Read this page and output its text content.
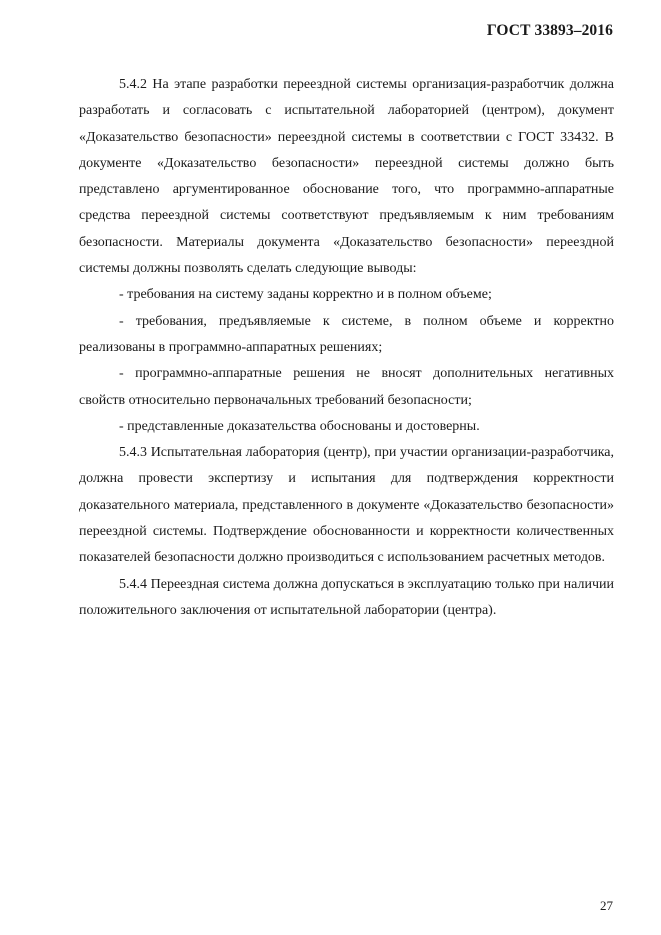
ГОСТ 33893–2016

5.4.2 На этапе разработки переездной системы организация-разработчик должна разработать и согласовать с испытательной лабораторией (центром), документ «Доказательство безопасности» переездной системы в соответствии с ГОСТ 33432. В документе «Доказательство безопасности» переездной системы должно быть представлено аргументированное обоснование того, что программно-аппаратные средства переездной системы соответствуют предъявляемым к ним требованиям безопасности. Материалы документа «Доказательство безопасности» переездной системы должны позволять сделать следующие выводы:

- требования на систему заданы корректно и в полном объеме;

- требования, предъявляемые к системе, в полном объеме и корректно реализованы в программно-аппаратных решениях;

- программно-аппаратные решения не вносят дополнительных негативных свойств относительно первоначальных требований безопасности;

- представленные доказательства обоснованы и достоверны.

5.4.3 Испытательная лаборатория (центр), при участии организации-разработчика, должна провести экспертизу и испытания для подтверждения корректности доказательного материала, представленного в документе «Доказательство безопасности» переездной системы. Подтверждение обоснованности и корректности количественных показателей безопасности должно производиться с использованием расчетных методов.

5.4.4 Переездная система должна допускаться в эксплуатацию только при наличии положительного заключения от испытательной лаборатории (центра).

27
